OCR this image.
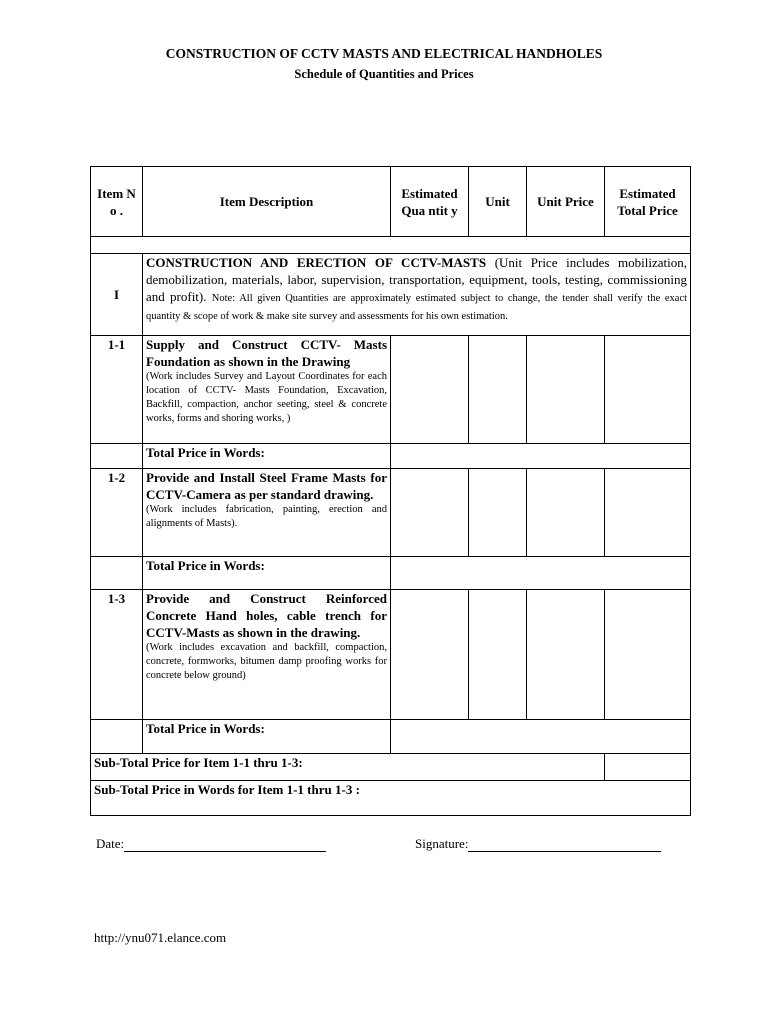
CONSTRUCTION OF CCTV MASTS AND ELECTRICAL HANDHOLES
Schedule of Quantities and Prices
Item N o .	Item Description	Estimated Qua ntit y	Unit	Unit Price	Estimated Total Price

I	CONSTRUCTION AND ERECTION OF CCTV-MASTS (Unit Price includes mobilization, demobilization, materials, labor, supervision, transportation, equipment, tools, testing, commissioning and profit). Note: All given Quantities are approximately estimated subject to change, the tender shall verify the exact quantity & scope of work & make site survey and assessments for his own estimation.				
1-1	Supply and Construct CCTV- Masts Foundation as shown in the Drawing
(Work includes Survey and Layout Coordinates for each location of CCTV- Masts Foundation, Excavation, Backfill, compaction, anchor seeting, steel & concrete works, forms and shoring works, )				

	Total Price in Words:				
1-2	Provide and Install Steel Frame Masts for CCTV-Camera as per standard drawing.
(Work includes fabrication, painting, erection and alignments of Masts).				

	Total Price in Words:				
1-3	Provide and Construct Reinforced Concrete Hand holes, cable trench for CCTV-Masts as shown in the drawing.
(Work includes excavation and backfill, compaction, concrete, formworks, bitumen damp proofing works for concrete below ground)				

	Total Price in Words:				
Sub-Total Price for Item 1-1 thru 1-3:					
Sub-Total Price in Words for Item 1-1 thru 1-3 :					
Date:	Signature:
http://ynu071.elance.com
